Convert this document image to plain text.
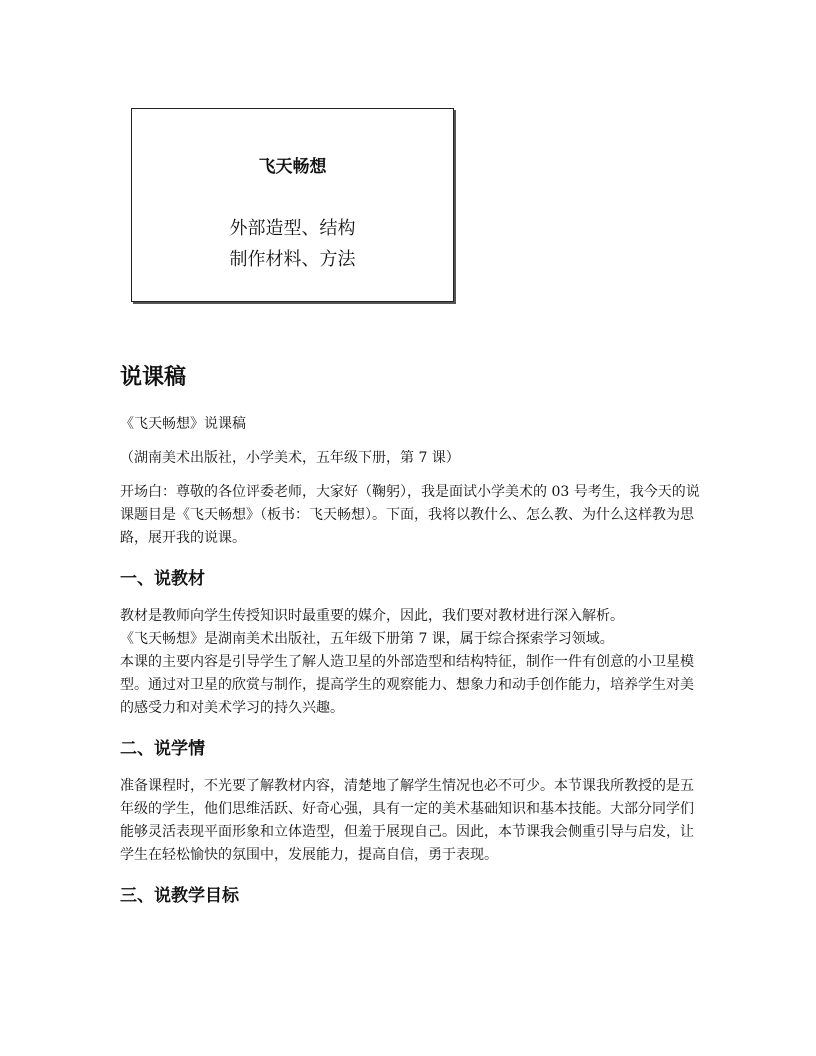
飞天畅想
外部造型、结构
制作材料、方法
说课稿

《飞天畅想》说课稿

（湖南美术出版社，小学美术，五年级下册，第 7 课）

开场白：尊敬的各位评委老师，大家好（鞠躬），我是面试小学美术的 03 号考生，我今天的说课题目是《飞天畅想》（板书：飞天畅想）。下面，我将以教什么、怎么教、为什么这样教为思路，展开我的说课。

一、说教材

教材是教师向学生传授知识时最重要的媒介，因此，我们要对教材进行深入解析。

《飞天畅想》是湖南美术出版社，五年级下册第 7 课，属于综合探索学习领域。

本课的主要内容是引导学生了解人造卫星的外部造型和结构特征，制作一件有创意的小卫星模型。通过对卫星的欣赏与制作，提高学生的观察能力、想象力和动手创作能力，培养学生对美的感受力和对美术学习的持久兴趣。

二、说学情

准备课程时，不光要了解教材内容，清楚地了解学生情况也必不可少。本节课我所教授的是五年级的学生，他们思维活跃、好奇心强，具有一定的美术基础知识和基本技能。大部分同学们能够灵活表现平面形象和立体造型，但羞于展现自己。因此，本节课我会侧重引导与启发，让学生在轻松愉快的氛围中，发展能力，提高自信，勇于表现。

三、说教学目标
